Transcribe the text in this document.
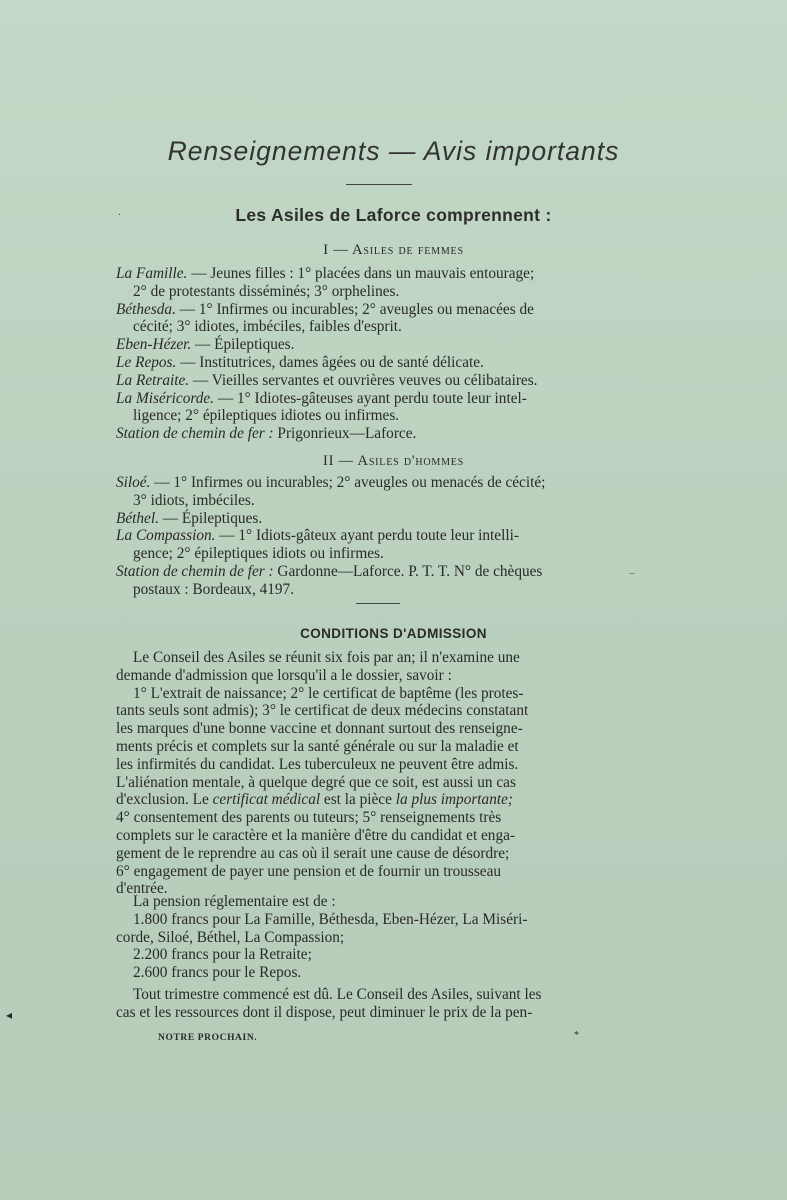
Renseignements — Avis importants
·	Les Asiles de Laforce comprennent :
I — Asiles de femmes
La Famille. — Jeunes filles : 1° placées dans un mauvais entourage;
2° de protestants disséminés; 3° orphelines.
Béthesda. — 1° Infirmes ou incurables; 2° aveugles ou menacées de
cécité; 3° idiotes, imbéciles, faibles d'esprit.
Eben-Hézer. — Épileptiques.
Le Repos. — Institutrices, dames âgées ou de santé délicate.
La Retraite. — Vieilles servantes et ouvrières veuves ou célibataires.
La Miséricorde. — 1° Idiotes-gâteuses ayant perdu toute leur intel-
ligence; 2° épileptiques idiotes ou infirmes.
Station de chemin de fer : Prigonrieux—Laforce.
II — Asiles d'hommes
Siloé. — 1° Infirmes ou incurables; 2° aveugles ou menacés de cécité;
3° idiots, imbéciles.
Béthel. — Épileptiques.
La Compassion. — 1° Idiots-gâteux ayant perdu toute leur intelli-
gence; 2° épileptiques idiots ou infirmes.
Station de chemin de fer : Gardonne—Laforce. P. T. T. N° de chèques
postaux : Bordeaux, 4197.
‾
CONDITIONS D'ADMISSION
Le Conseil des Asiles se réunit six fois par an; il n'examine une
demande d'admission que lorsqu'il a le dossier, savoir :
1° L'extrait de naissance; 2° le certificat de baptême (les protes-
tants seuls sont admis); 3° le certificat de deux médecins constatant
les marques d'une bonne vaccine et donnant surtout des renseigne-
ments précis et complets sur la santé générale ou sur la maladie et
les infirmités du candidat. Les tuberculeux ne peuvent être admis.
L'aliénation mentale, à quelque degré que ce soit, est aussi un cas
d'exclusion. Le certificat médical est la pièce la plus importante;
4° consentement des parents ou tuteurs; 5° renseignements très
complets sur le caractère et la manière d'être du candidat et enga-
gement de le reprendre au cas où il serait une cause de désordre;
6° engagement de payer une pension et de fournir un trousseau
d'entrée.
La pension réglementaire est de :
1.800 francs pour La Famille, Béthesda, Eben-Hézer, La Miséri-
corde, Siloé, Béthel, La Compassion;
2.200 francs pour la Retraite;
2.600 francs pour le Repos.
Tout trimestre commencé est dû. Le Conseil des Asiles, suivant les
cas et les ressources dont il dispose, peut diminuer le prix de la pen-
NOTRE PROCHAIN.	*
◂
